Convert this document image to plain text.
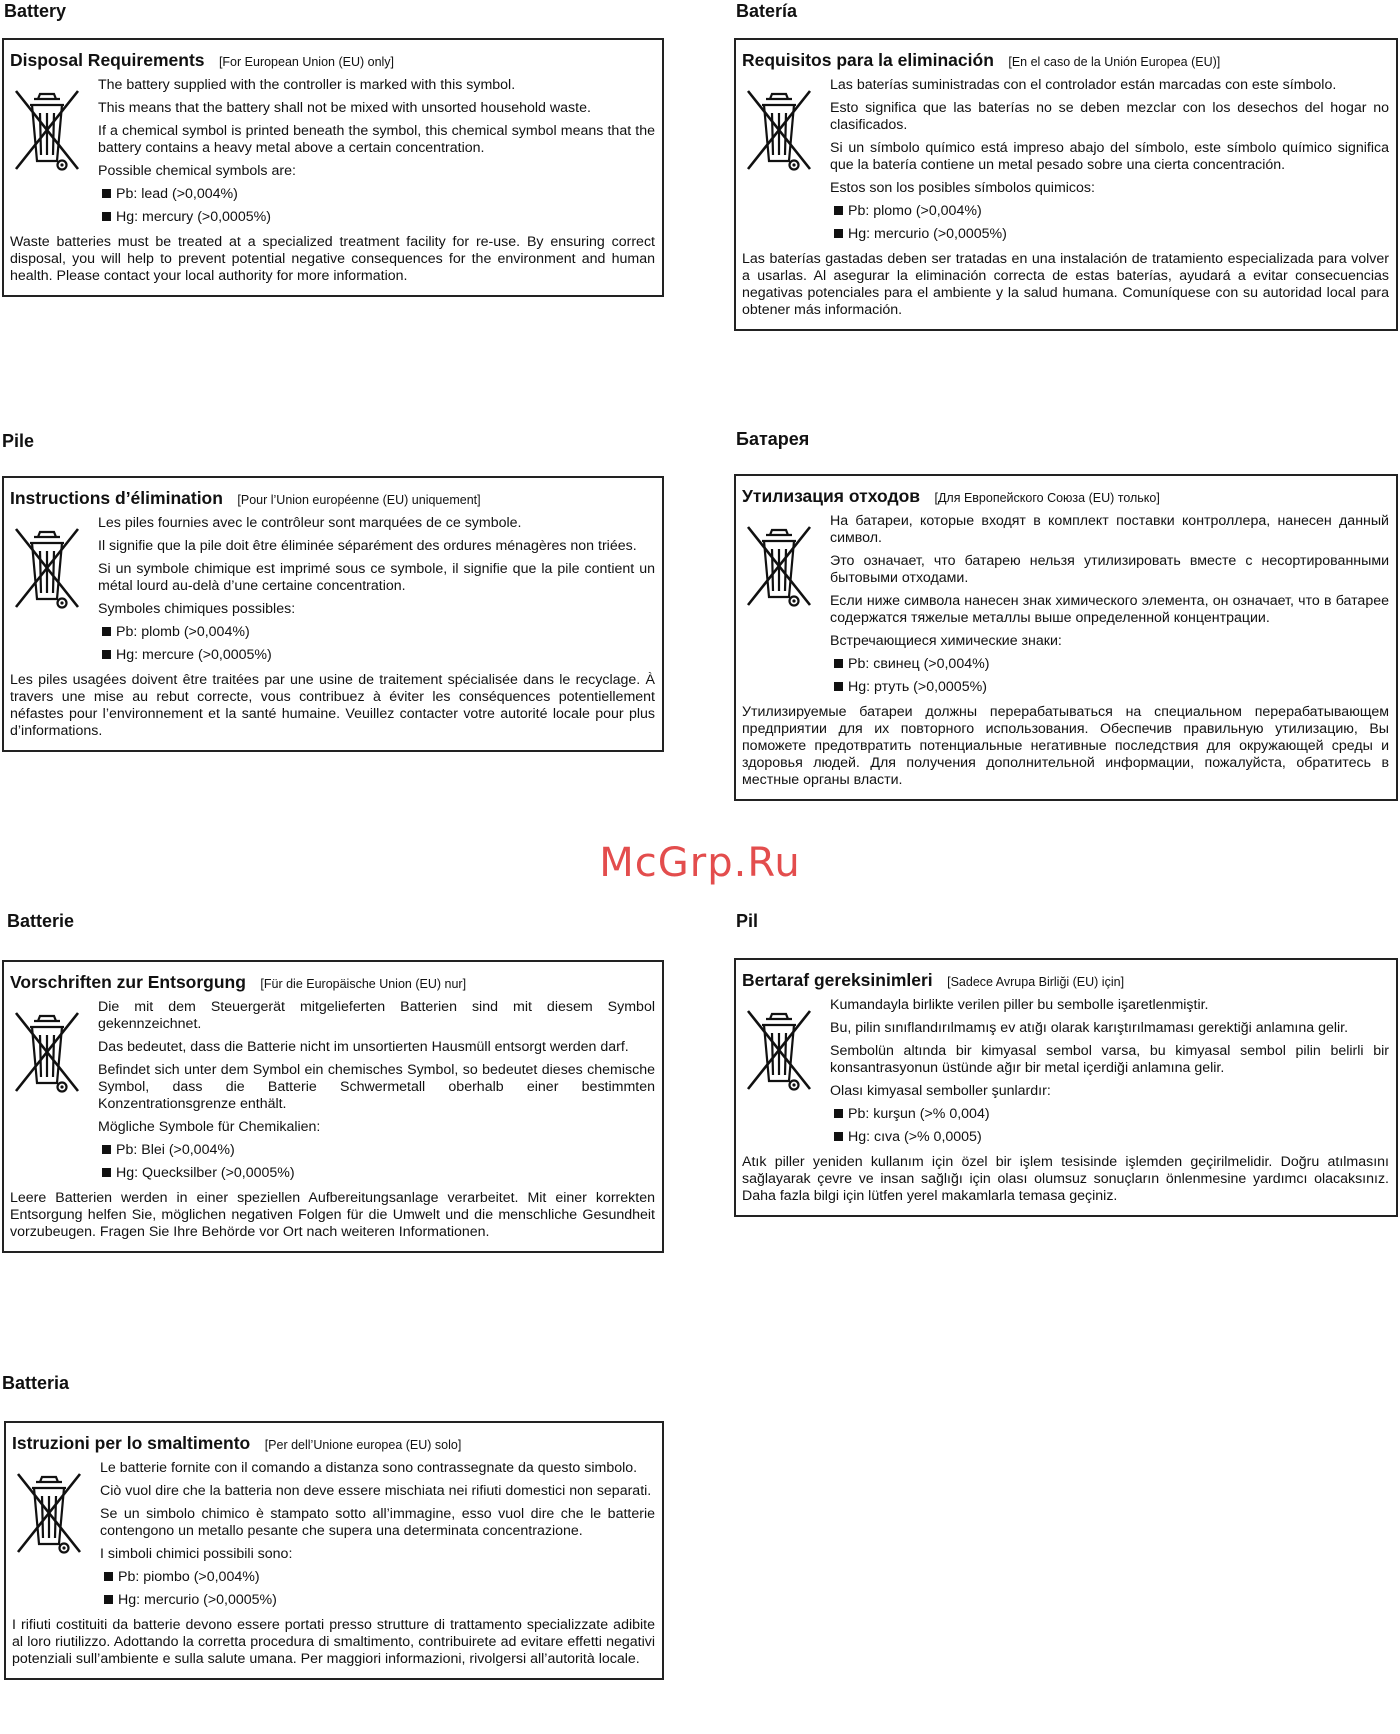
Battery
Disposal Requirements [For European Union (EU) only]

The battery supplied with the controller is marked with this symbol.

This means that the battery shall not be mixed with unsorted household waste.

If a chemical symbol is printed beneath the symbol, this chemical symbol means that the battery contains a heavy metal above a certain concentration.

Possible chemical symbols are:

Pb: lead (>0,004%)

Hg: mercury (>0,0005%)

Waste batteries must be treated at a specialized treatment facility for re-use. By ensuring correct disposal, you will help to prevent potential negative consequences for the environment and human health. Please contact your local authority for more information.

Batería
Requisitos para la eliminación [En el caso de la Unión Europea (EU)]

Las baterías suministradas con el controlador están marcadas con este símbolo.

Esto significa que las baterías no se deben mezclar con los desechos del hogar no clasificados.

Si un símbolo químico está impreso abajo del símbolo, este símbolo químico significa que la batería contiene un metal pesado sobre una cierta concentración.

Estos son los posibles símbolos quimicos:

Pb: plomo (>0,004%)

Hg: mercurio (>0,0005%)

Las baterías gastadas deben ser tratadas en una instalación de tratamiento especializada para volver a usarlas. Al asegurar la eliminación correcta de estas baterías, ayudará a evitar consecuencias negativas potenciales para el ambiente y la salud humana. Comuníquese con su autoridad local para obtener más información.

Pile
Instructions d’élimination [Pour l’Union européenne (EU) uniquement]

Les piles fournies avec le contrôleur sont marquées de ce symbole.

Il signifie que la pile doit être éliminée séparément des ordures ménagères non triées.

Si un symbole chimique est imprimé sous ce symbole, il signifie que la pile contient un métal lourd au-delà d’une certaine concentration.

Symboles chimiques possibles:

Pb: plomb (>0,004%)

Hg: mercure (>0,0005%)

Les piles usagées doivent être traitées par une usine de traitement spécialisée dans le recyclage. À travers une mise au rebut correcte, vous contribuez à éviter les conséquences potentiellement néfastes pour l’environnement et la santé humaine. Veuillez contacter votre autorité locale pour plus d’informations.

Батарея
Утилизация отходов [Для Европейского Союза (EU) только]

На батареи, которые входят в комплект поставки контроллера, нанесен данный символ.

Это означает, что батарею нельзя утилизировать вместе с несортированными бытовыми отходами.

Если ниже символа нанесен знак химического элемента, он означает, что в батарее содержатся тяжелые металлы выше определенной концентрации.

Встречающиеся химические знаки:

Pb: свинец (>0,004%)

Hg: ртуть (>0,0005%)

Утилизируемые батареи должны перерабатываться на специальном перерабатывающем предприятии для их повторного использования. Обеспечив правильную утилизацию, Вы поможете предотвратить потенциальные негативные последствия для окружающей среды и здоровья людей. Для получения дополнительной информации, пожалуйста, обратитесь в местные органы власти.

McGrp.Ru
Batterie
Vorschriften zur Entsorgung [Für die Europäische Union (EU) nur]

Die mit dem Steuergerät mitgelieferten Batterien sind mit diesem Symbol gekennzeichnet.

Das bedeutet, dass die Batterie nicht im unsortierten Hausmüll entsorgt werden darf.

Befindet sich unter dem Symbol ein chemisches Symbol, so bedeutet dieses chemische Symbol, dass die Batterie Schwermetall oberhalb einer bestimmten Konzentrationsgrenze enthält.

Mögliche Symbole für Chemikalien:

Pb: Blei (>0,004%)

Hg: Quecksilber (>0,0005%)

Leere Batterien werden in einer speziellen Aufbereitungsanlage verarbeitet. Mit einer korrekten Entsorgung helfen Sie, möglichen negativen Folgen für die Umwelt und die menschliche Gesundheit vorzubeugen. Fragen Sie Ihre Behörde vor Ort nach weiteren Informationen.

Pil
Bertaraf gereksinimleri [Sadece Avrupa Birliği (EU) için]

Kumandayla birlikte verilen piller bu sembolle işaretlenmiştir.

Bu, pilin sınıflandırılmamış ev atığı olarak karıştırılmaması gerektiği anlamına gelir.

Sembolün altında bir kimyasal sembol varsa, bu kimyasal sembol pilin belirli bir konsantrasyonun üstünde ağır bir metal içerdiği anlamına gelir.

Olası kimyasal semboller şunlardır:

Pb: kurşun (>% 0,004)

Hg: cıva (>% 0,0005)

Atık piller yeniden kullanım için özel bir işlem tesisinde işlemden geçirilmelidir. Doğru atılmasını sağlayarak çevre ve insan sağlığı için olası olumsuz sonuçların önlenmesine yardımcı olacaksınız. Daha fazla bilgi için lütfen yerel makamlarla temasa geçiniz.

Batteria
Istruzioni per lo smaltimento [Per dell’Unione europea (EU) solo]

Le batterie fornite con il comando a distanza sono contrassegnate da questo simbolo.

Ciò vuol dire che la batteria non deve essere mischiata nei rifiuti domestici non separati.

Se un simbolo chimico è stampato sotto all’immagine, esso vuol dire che le batterie contengono un metallo pesante che supera una determinata concentrazione.

I simboli chimici possibili sono:

Pb: piombo (>0,004%)

Hg: mercurio (>0,0005%)

I rifiuti costituiti da batterie devono essere portati presso strutture di trattamento specializzate adibite al loro riutilizzo. Adottando la corretta procedura di smaltimento, contribuirete ad evitare effetti negativi potenziali sull’ambiente e sulla salute umana. Per maggiori informazioni, rivolgersi all’autorità locale.
